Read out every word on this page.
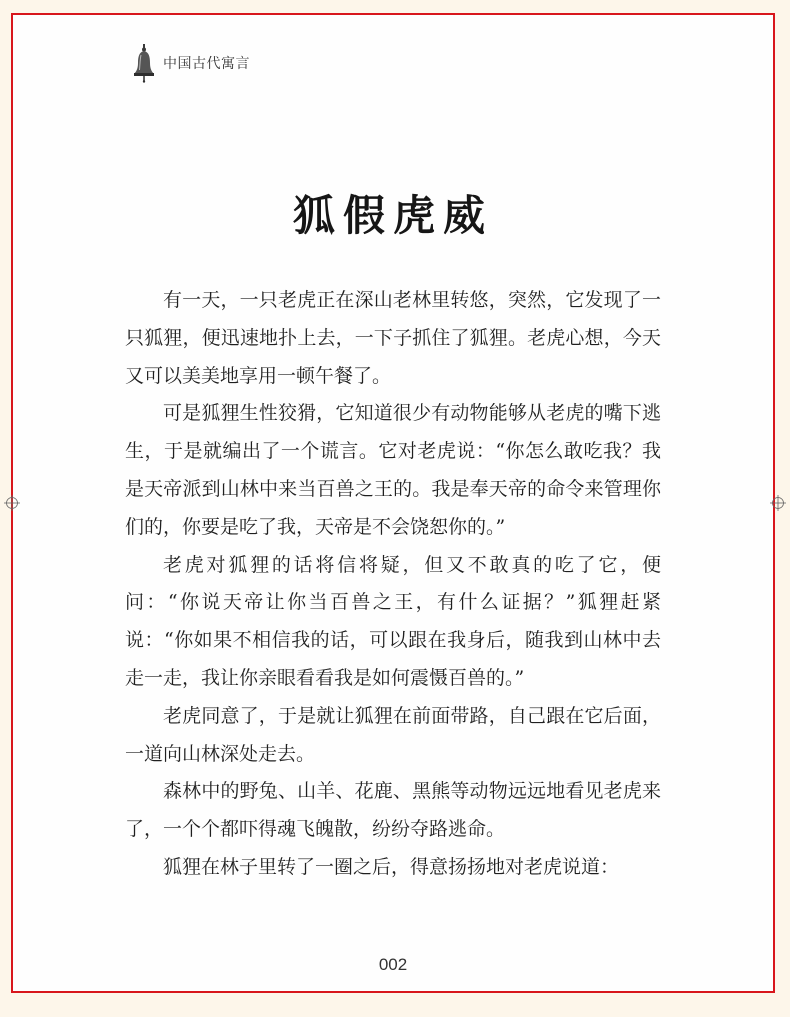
中国古代寓言
狐假虎威

有一天，一只老虎正在深山老林里转悠，突然，它发现了一只狐狸，便迅速地扑上去，一下子抓住了狐狸。老虎心想，今天又可以美美地享用一顿午餐了。

可是狐狸生性狡猾，它知道很少有动物能够从老虎的嘴下逃生，于是就编出了一个谎言。它对老虎说：“你怎么敢吃我？我是天帝派到山林中来当百兽之王的。我是奉天帝的命令来管理你们的，你要是吃了我，天帝是不会饶恕你的。”

老虎对狐狸的话将信将疑，但又不敢真的吃了它，便问：“你说天帝让你当百兽之王，有什么证据？”狐狸赶紧说：“你如果不相信我的话，可以跟在我身后，随我到山林中去走一走，我让你亲眼看看我是如何震慑百兽的。”

老虎同意了，于是就让狐狸在前面带路，自己跟在它后面，一道向山林深处走去。

森林中的野兔、山羊、花鹿、黑熊等动物远远地看见老虎来了，一个个都吓得魂飞魄散，纷纷夺路逃命。

狐狸在林子里转了一圈之后，得意扬扬地对老虎说道：

002
